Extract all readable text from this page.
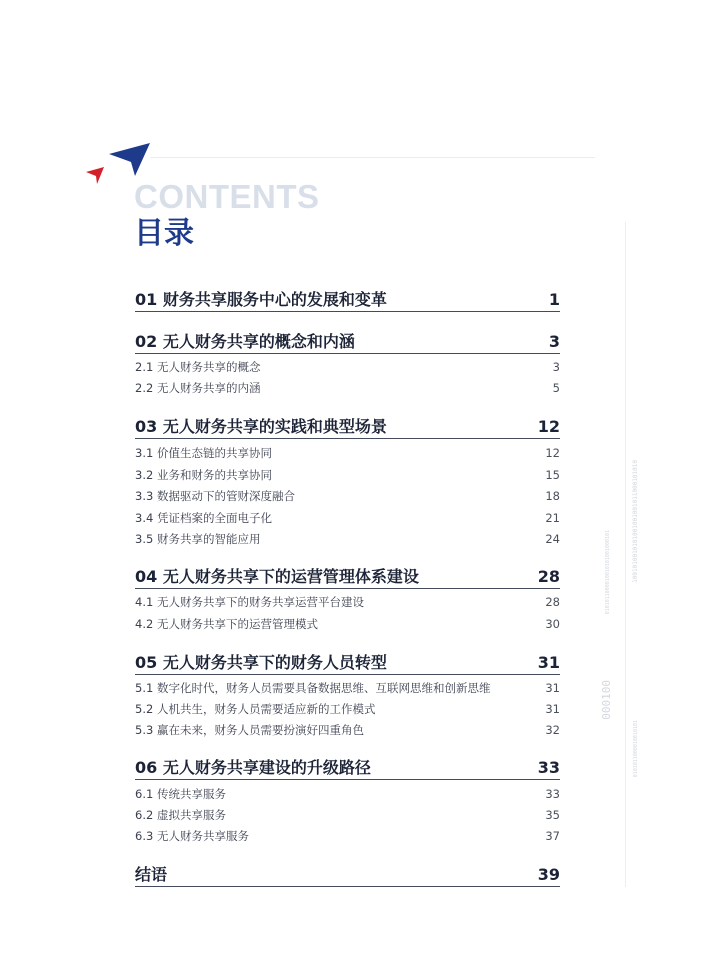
CONTENTS
目录
01 财务共享服务中心的发展和变革	1
02 无人财务共享的概念和内涵	3
2.1 无人财务共享的概念	3
2.2 无人财务共享的内涵	5
03 无人财务共享的实践和典型场景	12
3.1 价值生态链的共享协同	12
3.2 业务和财务的共享协同	15
3.3 数据驱动下的管财深度融合	18
3.4 凭证档案的全面电子化	21
3.5 财务共享的智能应用	24
04 无人财务共享下的运营管理体系建设	28
4.1 无人财务共享下的财务共享运营平台建设	28
4.2 无人财务共享下的运营管理模式	30
05 无人财务共享下的财务人员转型	31
5.1 数字化时代，财务人员需要具备数据思维、互联网思维和创新思维	31
5.2 人机共生，财务人员需要适应新的工作模式	31
5.3 赢在未来，财务人员需要扮演好四重角色	32
06 无人财务共享建设的升级路径	33
6.1 传统共享服务	33
6.2 虚拟共享服务	35
6.3 无人财务共享服务	37
结语	39
0101011000010010101001000101	1001010010101001001001011000101010
0101011000010010101
000100
